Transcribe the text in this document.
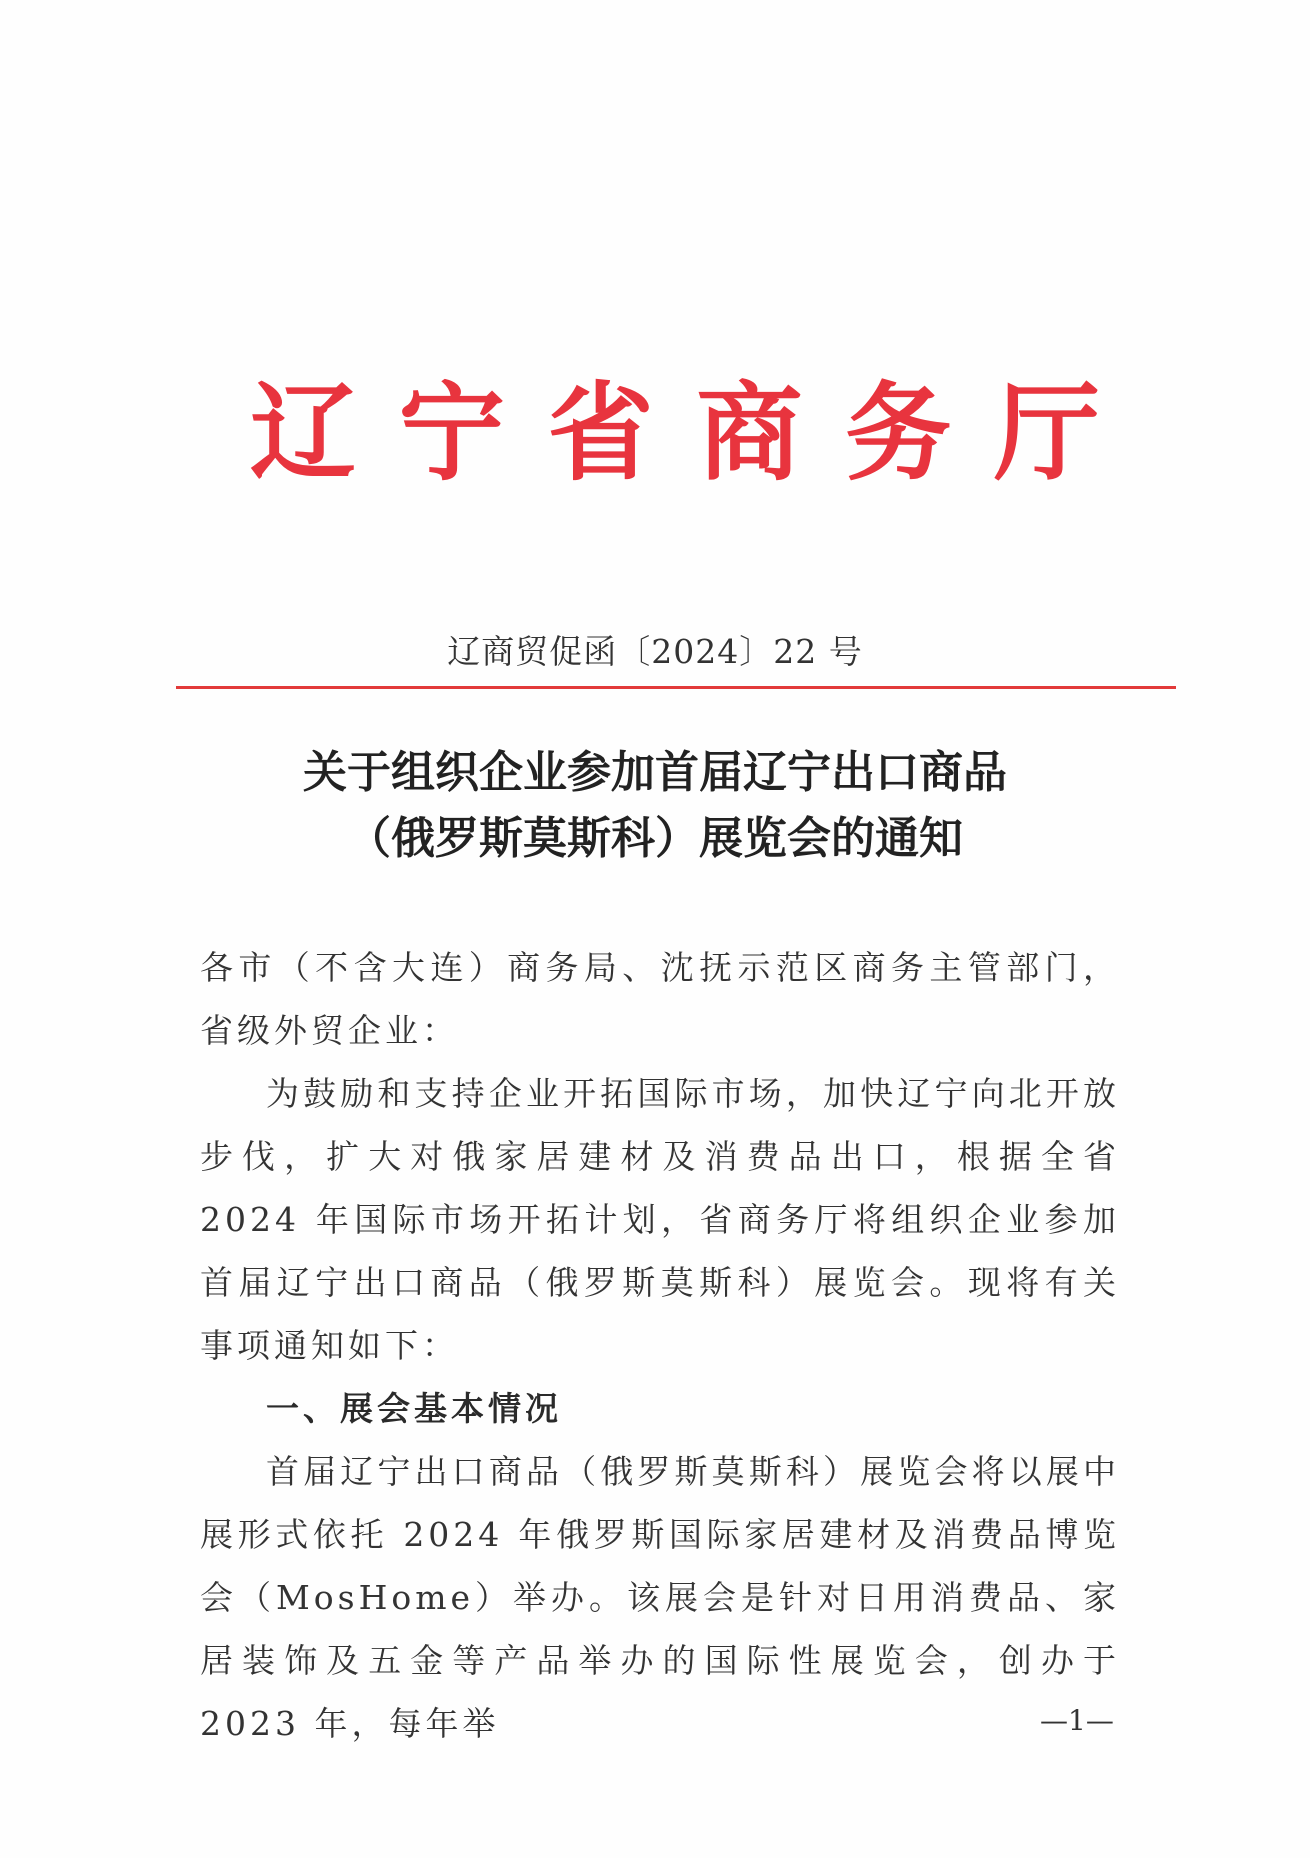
辽 宁 省 商 务 厅
辽商贸促函〔2024〕22 号
关于组织企业参加首届辽宁出口商品
（俄罗斯莫斯科）展览会的通知

各市（不含大连）商务局、沈抚示范区商务主管部门，省级外贸企业：

为鼓励和支持企业开拓国际市场，加快辽宁向北开放步伐，扩大对俄家居建材及消费品出口，根据全省 2024 年国际市场开拓计划，省商务厅将组织企业参加首届辽宁出口商品（俄罗斯莫斯科）展览会。现将有关事项通知如下：

一、展会基本情况

首届辽宁出口商品（俄罗斯莫斯科）展览会将以展中展形式依托 2024 年俄罗斯国际家居建材及消费品博览会（MosHome）举办。该展会是针对日用消费品、家居装饰及五金等产品举办的国际性展览会，创办于 2023 年，每年举	—1—
